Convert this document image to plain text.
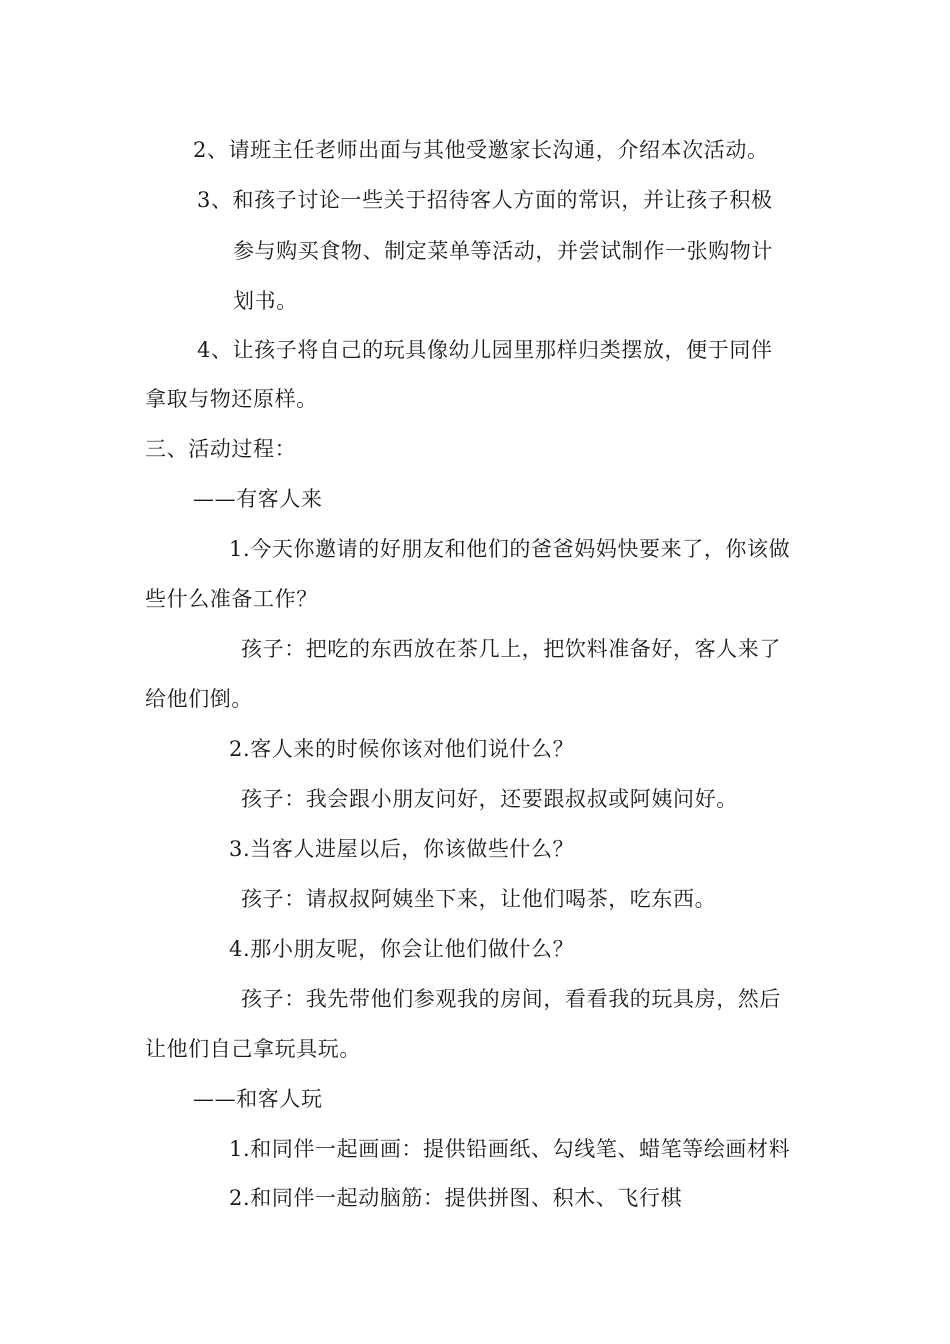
2、请班主任老师出面与其他受邀家长沟通，介绍本次活动。
3、和孩子讨论一些关于招待客人方面的常识，并让孩子积极
参与购买食物、制定菜单等活动，并尝试制作一张购物计
划书。
4、让孩子将自己的玩具像幼儿园里那样归类摆放，便于同伴
拿取与物还原样。
三、活动过程：
——有客人来
1.今天你邀请的好朋友和他们的爸爸妈妈快要来了，你该做
些什么准备工作？
孩子：把吃的东西放在茶几上，把饮料准备好，客人来了
给他们倒。
2.客人来的时候你该对他们说什么？
孩子：我会跟小朋友问好，还要跟叔叔或阿姨问好。
3.当客人进屋以后，你该做些什么？
孩子：请叔叔阿姨坐下来，让他们喝茶，吃东西。
4.那小朋友呢，你会让他们做什么？
孩子：我先带他们参观我的房间，看看我的玩具房，然后
让他们自己拿玩具玩。
——和客人玩
1.和同伴一起画画：提供铅画纸、勾线笔、蜡笔等绘画材料
2.和同伴一起动脑筋：提供拼图、积木、飞行棋
